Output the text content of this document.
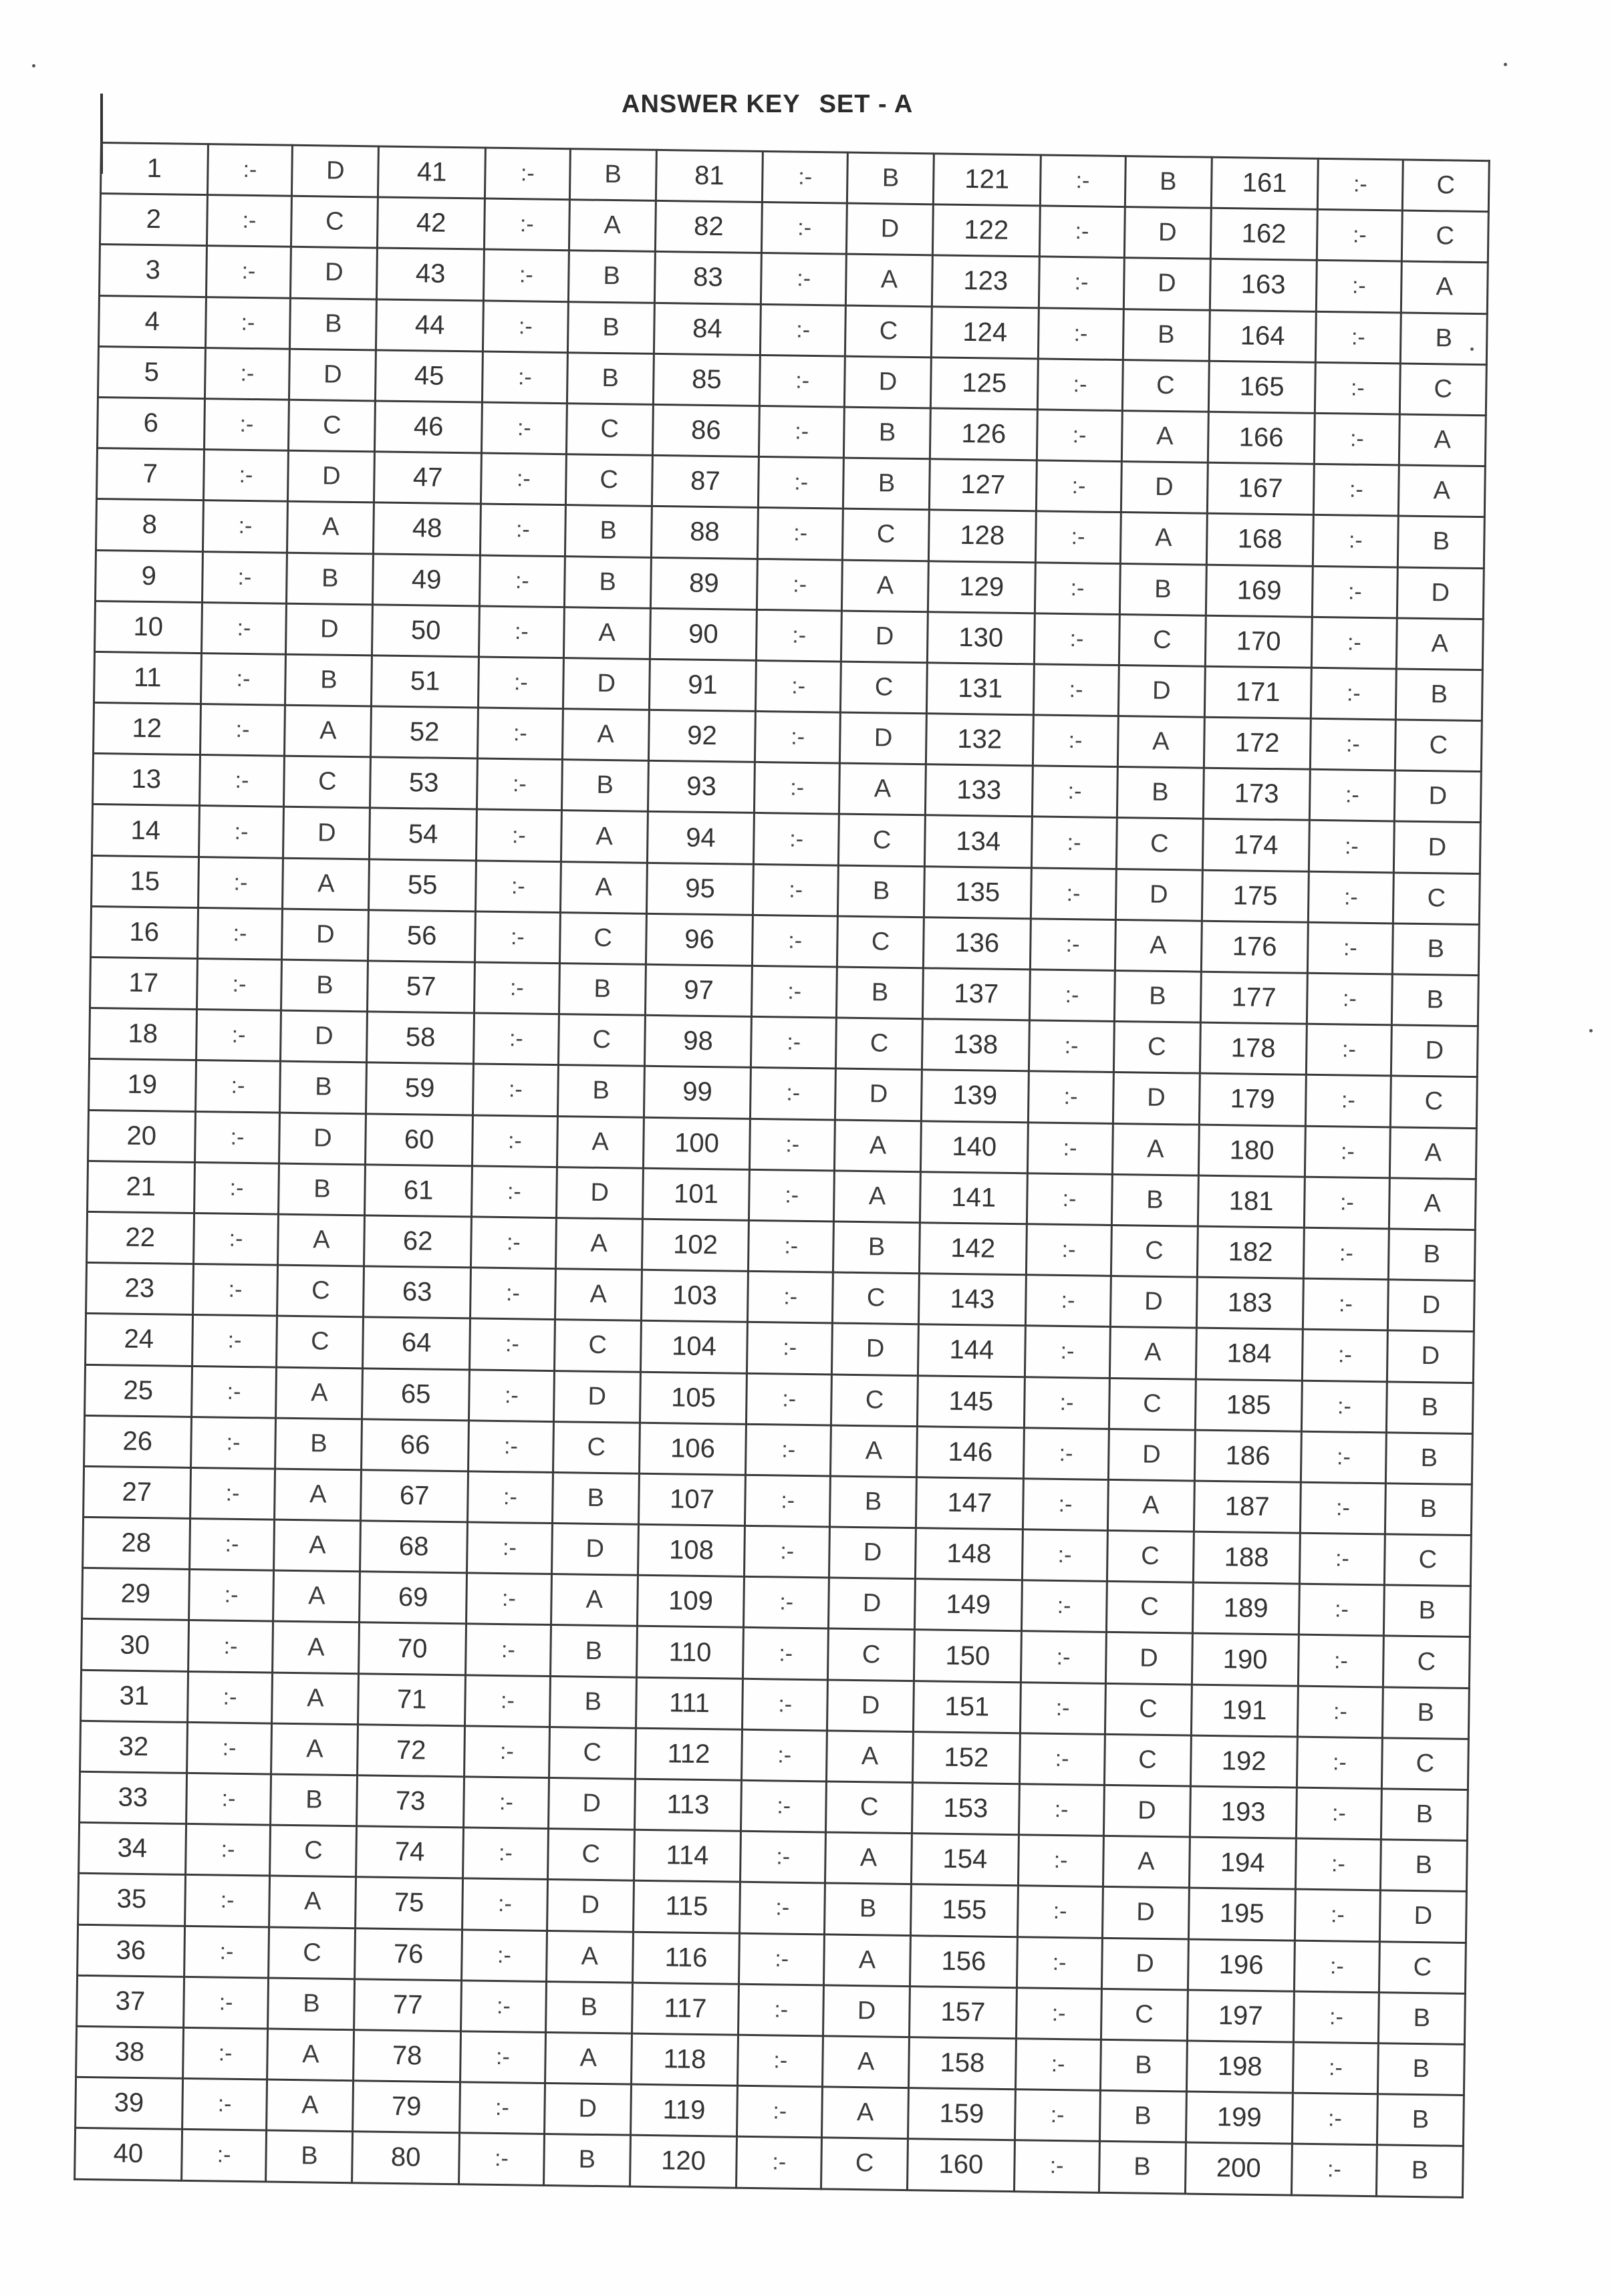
ANSWER KEY SET - A
1	:-	D	41	:-	B	81	:-	B	121	:-	B	161	:-	C
2	:-	C	42	:-	A	82	:-	D	122	:-	D	162	:-	C
3	:-	D	43	:-	B	83	:-	A	123	:-	D	163	:-	A
4	:-	B	44	:-	B	84	:-	C	124	:-	B	164	:-	B
5	:-	D	45	:-	B	85	:-	D	125	:-	C	165	:-	C
6	:-	C	46	:-	C	86	:-	B	126	:-	A	166	:-	A
7	:-	D	47	:-	C	87	:-	B	127	:-	D	167	:-	A
8	:-	A	48	:-	B	88	:-	C	128	:-	A	168	:-	B
9	:-	B	49	:-	B	89	:-	A	129	:-	B	169	:-	D
10	:-	D	50	:-	A	90	:-	D	130	:-	C	170	:-	A
11	:-	B	51	:-	D	91	:-	C	131	:-	D	171	:-	B
12	:-	A	52	:-	A	92	:-	D	132	:-	A	172	:-	C
13	:-	C	53	:-	B	93	:-	A	133	:-	B	173	:-	D
14	:-	D	54	:-	A	94	:-	C	134	:-	C	174	:-	D
15	:-	A	55	:-	A	95	:-	B	135	:-	D	175	:-	C
16	:-	D	56	:-	C	96	:-	C	136	:-	A	176	:-	B
17	:-	B	57	:-	B	97	:-	B	137	:-	B	177	:-	B
18	:-	D	58	:-	C	98	:-	C	138	:-	C	178	:-	D
19	:-	B	59	:-	B	99	:-	D	139	:-	D	179	:-	C
20	:-	D	60	:-	A	100	:-	A	140	:-	A	180	:-	A
21	:-	B	61	:-	D	101	:-	A	141	:-	B	181	:-	A
22	:-	A	62	:-	A	102	:-	B	142	:-	C	182	:-	B
23	:-	C	63	:-	A	103	:-	C	143	:-	D	183	:-	D
24	:-	C	64	:-	C	104	:-	D	144	:-	A	184	:-	D
25	:-	A	65	:-	D	105	:-	C	145	:-	C	185	:-	B
26	:-	B	66	:-	C	106	:-	A	146	:-	D	186	:-	B
27	:-	A	67	:-	B	107	:-	B	147	:-	A	187	:-	B
28	:-	A	68	:-	D	108	:-	D	148	:-	C	188	:-	C
29	:-	A	69	:-	A	109	:-	D	149	:-	C	189	:-	B
30	:-	A	70	:-	B	110	:-	C	150	:-	D	190	:-	C
31	:-	A	71	:-	B	111	:-	D	151	:-	C	191	:-	B
32	:-	A	72	:-	C	112	:-	A	152	:-	C	192	:-	C
33	:-	B	73	:-	D	113	:-	C	153	:-	D	193	:-	B
34	:-	C	74	:-	C	114	:-	A	154	:-	A	194	:-	B
35	:-	A	75	:-	D	115	:-	B	155	:-	D	195	:-	D
36	:-	C	76	:-	A	116	:-	A	156	:-	D	196	:-	C
37	:-	B	77	:-	B	117	:-	D	157	:-	C	197	:-	B
38	:-	A	78	:-	A	118	:-	A	158	:-	B	198	:-	B
39	:-	A	79	:-	D	119	:-	A	159	:-	B	199	:-	B
40	:-	B	80	:-	B	120	:-	C	160	:-	B	200	:-	B
